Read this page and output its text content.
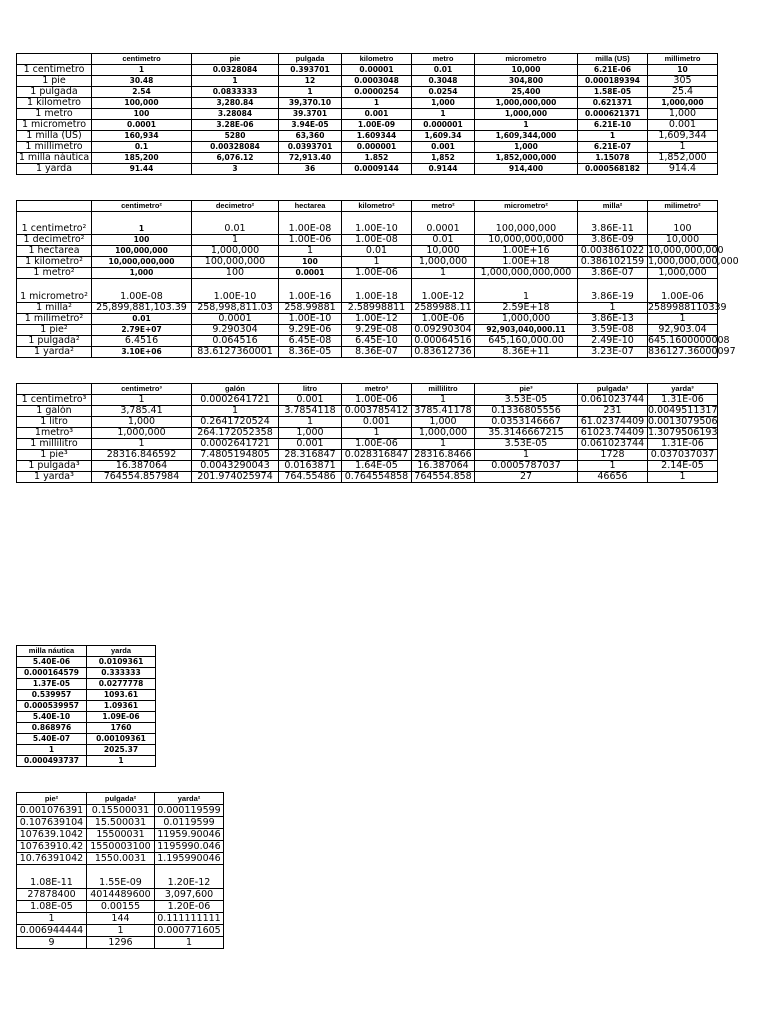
	centimetro	pie	pulgada	kilometro	metro	micrometro	milla (US)	millimetro
1 centimetro	1	0.0328084	0.393701	0.00001	0.01	10,000	6.21E-06	10
1 pie	30.48	1	12	0.0003048	0.3048	304,800	0.000189394	305
1 pulgada	2.54	0.0833333	1	0.0000254	0.0254	25,400	1.58E-05	25.4
1 kilometro	100,000	3,280.84	39,370.10	1	1,000	1,000,000,000	0.621371	1,000,000
1 metro	100	3.28084	39.3701	0.001	1	1,000,000	0.000621371	1,000
1 micrometro	0.0001	3.28E-06	3.94E-05	1.00E-09	0.000001	1	6.21E-10	0.001
1 milla (US)	160,934	5280	63,360	1.609344	1,609.34	1,609,344,000	1	1,609,344
1 millimetro	0.1	0.00328084	0.0393701	0.000001	0.001	1,000	6.21E-07	1
1 milla náutica	185,200	6,076.12	72,913.40	1.852	1,852	1,852,000,000	1.15078	1,852,000
1 yarda	91.44	3	36	0.0009144	0.9144	914,400	0.000568182	914.4
	centimetro²	decimetro²	hectarea	kilometro²	metro²	micrometro²	milla²	milimetro²
1 centimetro²	1	0.01	1.00E-08	1.00E-10	0.0001	100,000,000	3.86E-11	100
1 decimetro²	100	1	1.00E-06	1.00E-08	0.01	10,000,000,000	3.86E-09	10,000
1 hectarea	100,000,000	1,000,000	1	0.01	10,000	1.00E+16	0.003861022	10,000,000,000
1 kilometro²	10,000,000,000	100,000,000	100	1	1,000,000	1.00E+18	0.386102159	1,000,000,000,000
1 metro²	1,000	100	0.0001	1.00E-06	1	1,000,000,000,000	3.86E-07	1,000,000
1 micrometro²	1.00E-08	1.00E-10	1.00E-16	1.00E-18	1.00E-12	1	3.86E-19	1.00E-06
1 milla²	25,899,881,103.39	258,998,811.03	258.99881	2.58998811	2589988.11	2.59E+18	1	2589988110339
1 milimetro²	0.01	0.0001	1.00E-10	1.00E-12	1.00E-06	1,000,000	3.86E-13	1
1 pie²	2.79E+07	9.290304	9.29E-06	9.29E-08	0.09290304	92,903,040,000.11	3.59E-08	92,903.04
1 pulgada²	6.4516	0.064516	6.45E-08	6.45E-10	0.00064516	645,160,000.00	2.49E-10	645.1600000008
1 yarda²	3.10E+06	83.6127360001	8.36E-05	8.36E-07	0.83612736	8.36E+11	3.23E-07	836127.36000097
	centimetro³	galón	litro	metro³	millilitro	pie³	pulgada³	yarda³
1 centimetro³	1	0.0002641721	0.001	1.00E-06	1	3.53E-05	0.061023744	1.31E-06
1 galón	3,785.41	1	3.7854118	0.003785412	3785.41178	0.1336805556	231	0.0049511317
1 litro	1,000	0.2641720524	1	0.001	1,000	0.0353146667	61.02374409	0.0013079506
1metro³	1,000,000	264.172052358	1,000	1	1,000,000	35.3146667215	61023.74409	1.3079506193
1 millilitro	1	0.0002641721	0.001	1.00E-06	1	3.53E-05	0.061023744	1.31E-06
1 pie³	28316.846592	7.4805194805	28.316847	0.028316847	28316.8466	1	1728	0.037037037
1 pulgada³	16.387064	0.0043290043	0.0163871	1.64E-05	16.387064	0.0005787037	1	2.14E-05
1 yarda³	764554.857984	201.974025974	764.55486	0.764554858	764554.858	27	46656	1
milla náutica	yarda
5.40E-06	0.0109361
0.000164579	0.333333
1.37E-05	0.0277778
0.539957	1093.61
0.000539957	1.09361
5.40E-10	1.09E-06
0.868976	1760
5.40E-07	0.00109361
1	2025.37
0.000493737	1
pie²	pulgada²	yarda²
0.001076391	0.15500031	0.000119599
0.107639104	15.500031	0.0119599
107639.1042	15500031	11959.90046
10763910.42	1550003100	1195990.046
10.76391042	1550.0031	1.195990046
1.08E-11	1.55E-09	1.20E-12
27878400	4014489600	3,097,600
1.08E-05	0.00155	1.20E-06
1	144	0.111111111
0.006944444	1	0.000771605
9	1296	1
